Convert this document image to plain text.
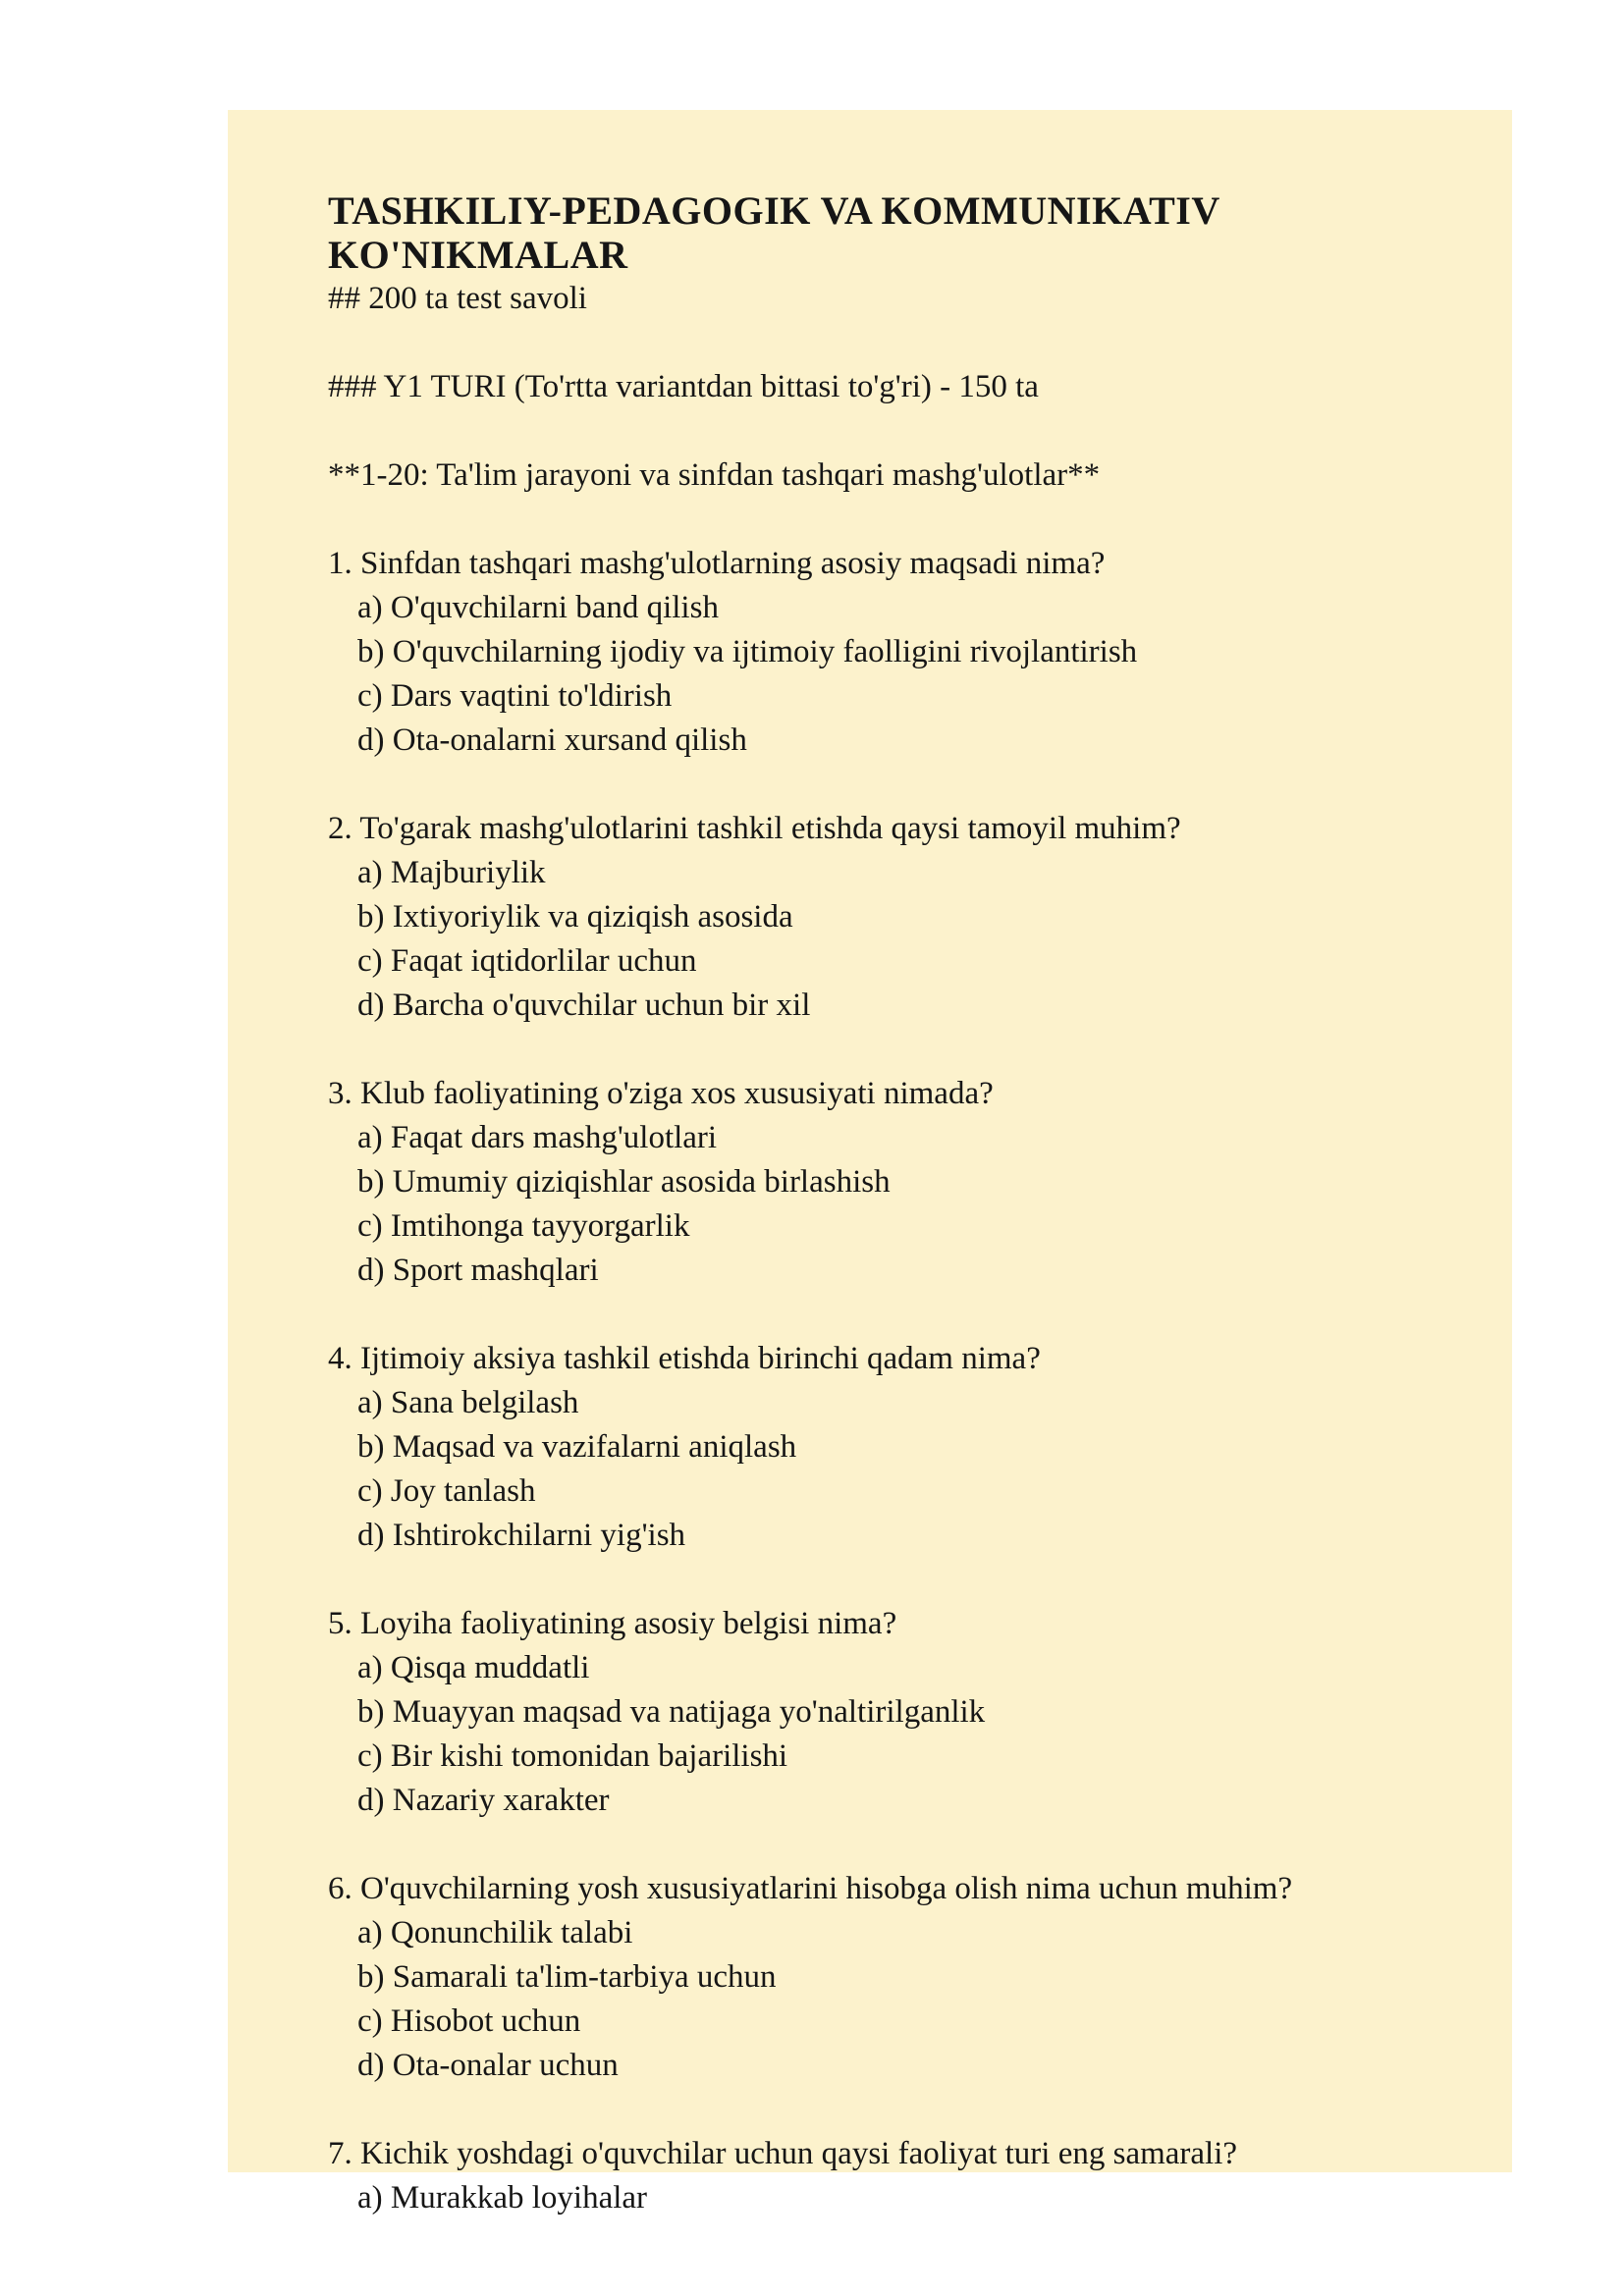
TASHKILIY-PEDAGOGIK VA KOMMUNIKATIV KO'NIKMALAR

## 200 ta test savoli

### Y1 TURI (To'rtta variantdan bittasi to'g'ri) - 150 ta

**1-20: Ta'lim jarayoni va sinfdan tashqari mashg'ulotlar**

1. Sinfdan tashqari mashg'ulotlarning asosiy maqsadi nima?

a) O'quvchilarni band qilish

b) O'quvchilarning ijodiy va ijtimoiy faolligini rivojlantirish

c) Dars vaqtini to'ldirish

d) Ota-onalarni xursand qilish

2. To'garak mashg'ulotlarini tashkil etishda qaysi tamoyil muhim?

a) Majburiylik

b) Ixtiyoriylik va qiziqish asosida

c) Faqat iqtidorlilar uchun

d) Barcha o'quvchilar uchun bir xil

3. Klub faoliyatining o'ziga xos xususiyati nimada?

a) Faqat dars mashg'ulotlari

b) Umumiy qiziqishlar asosida birlashish

c) Imtihonga tayyorgarlik

d) Sport mashqlari

4. Ijtimoiy aksiya tashkil etishda birinchi qadam nima?

a) Sana belgilash

b) Maqsad va vazifalarni aniqlash

c) Joy tanlash

d) Ishtirokchilarni yig'ish

5. Loyiha faoliyatining asosiy belgisi nima?

a) Qisqa muddatli

b) Muayyan maqsad va natijaga yo'naltirilganlik

c) Bir kishi tomonidan bajarilishi

d) Nazariy xarakter

6. O'quvchilarning yosh xususiyatlarini hisobga olish nima uchun muhim?

a) Qonunchilik talabi

b) Samarali ta'lim-tarbiya uchun

c) Hisobot uchun

d) Ota-onalar uchun

7. Kichik yoshdagi o'quvchilar uchun qaysi faoliyat turi eng samarali?

a) Murakkab loyihalar
